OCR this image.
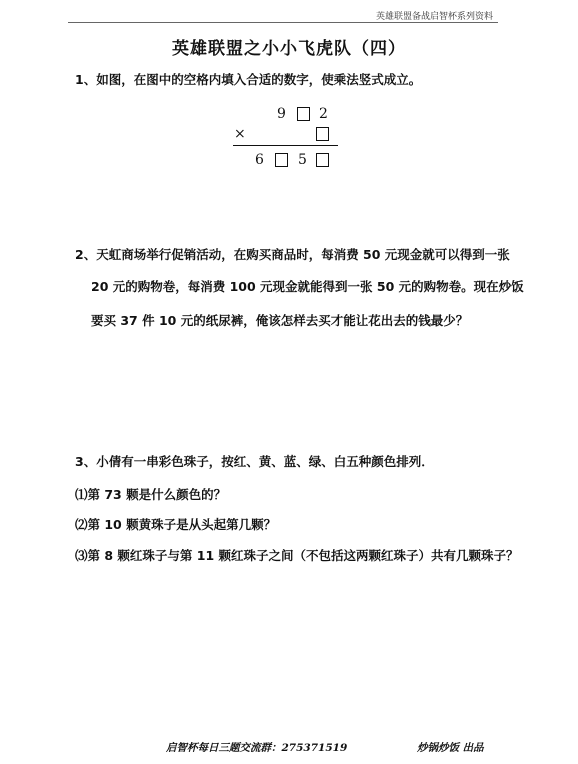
英雄联盟备战启智杯系列资料
英雄联盟之小小飞虎队（四）
1、如图，在图中的空格内填入合适的数字，使乘法竖式成立。
9 2
×
6 5
2、天虹商场举行促销活动，在购买商品时，每消费 50 元现金就可以得到一张
20 元的购物卷，每消费 100 元现金就能得到一张 50 元的购物卷。现在炒饭
要买 37 件 10 元的纸尿裤，俺该怎样去买才能让花出去的钱最少？
3、小倩有一串彩色珠子，按红、黄、蓝、绿、白五种颜色排列．
⑴第 73 颗是什么颜色的？
⑵第 10 颗黄珠子是从头起第几颗？
⑶第 8 颗红珠子与第 11 颗红珠子之间（不包括这两颗红珠子）共有几颗珠子？
启智杯每日三题交流群：275371519	炒锅炒饭 出品
